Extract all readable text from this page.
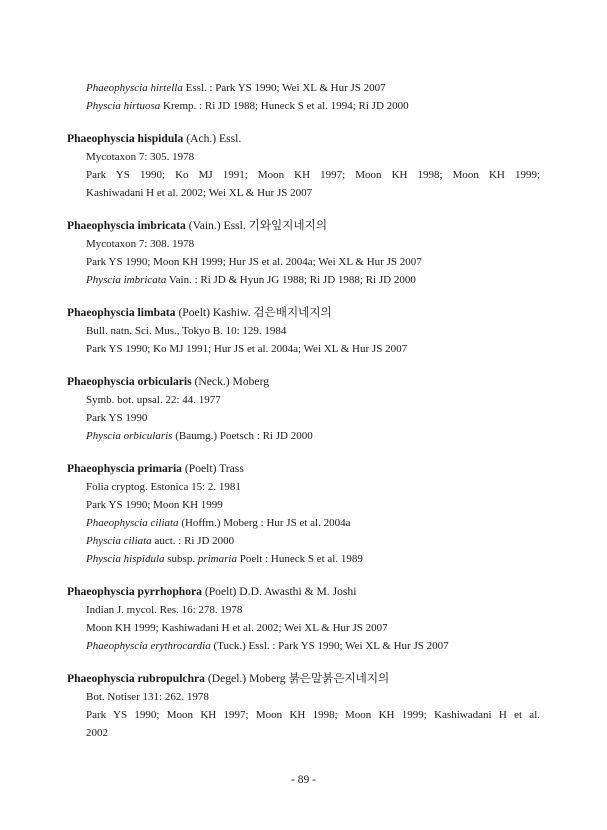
Phaeophyscia hirtella Essl. : Park YS 1990; Wei XL & Hur JS 2007
Physcia hirtuosa Kremp. : Ri JD 1988; Huneck S et al. 1994; Ri JD 2000
Phaeophyscia hispidula (Ach.) Essl.
Mycotaxon 7: 305. 1978
Park YS 1990; Ko MJ 1991; Moon KH 1997; Moon KH 1998; Moon KH 1999;
Kashiwadani H et al. 2002; Wei XL & Hur JS 2007
Phaeophyscia imbricata (Vain.) Essl. 기와잎지네지의
Mycotaxon 7: 308. 1978
Park YS 1990; Moon KH 1999; Hur JS et al. 2004a; Wei XL & Hur JS 2007
Physcia imbricata Vain. : Ri JD & Hyun JG 1988; Ri JD 1988; Ri JD 2000
Phaeophyscia limbata (Poelt) Kashiw. 검은배지네지의
Bull. natn. Sci. Mus., Tokyo B. 10: 129. 1984
Park YS 1990; Ko MJ 1991; Hur JS et al. 2004a; Wei XL & Hur JS 2007
Phaeophyscia orbicularis (Neck.) Moberg
Symb. bot. upsal. 22: 44. 1977
Park YS 1990
Physcia orbicularis (Baumg.) Poetsch : Ri JD 2000
Phaeophyscia primaria (Poelt) Trass
Folia cryptog. Estonica 15: 2. 1981
Park YS 1990; Moon KH 1999
Phaeophyscia ciliata (Hoffm.) Moberg : Hur JS et al. 2004a
Physcia ciliata auct. : Ri JD 2000
Physcia hispidula subsp. primaria Poelt : Huneck S et al. 1989
Phaeophyscia pyrrhophora (Poelt) D.D. Awasthi & M. Joshi
Indian J. mycol. Res. 16: 278. 1978
Moon KH 1999; Kashiwadani H et al. 2002; Wei XL & Hur JS 2007
Phaeophyscia erythrocardia (Tuck.) Essl. : Park YS 1990; Wei XL & Hur JS 2007
Phaeophyscia rubropulchra (Degel.) Moberg 붉은말붉은지네지의
Bot. Notiser 131: 262. 1978
Park YS 1990; Moon KH 1997; Moon KH 1998; Moon KH 1999; Kashiwadani H et al.
2002
- 89 -
